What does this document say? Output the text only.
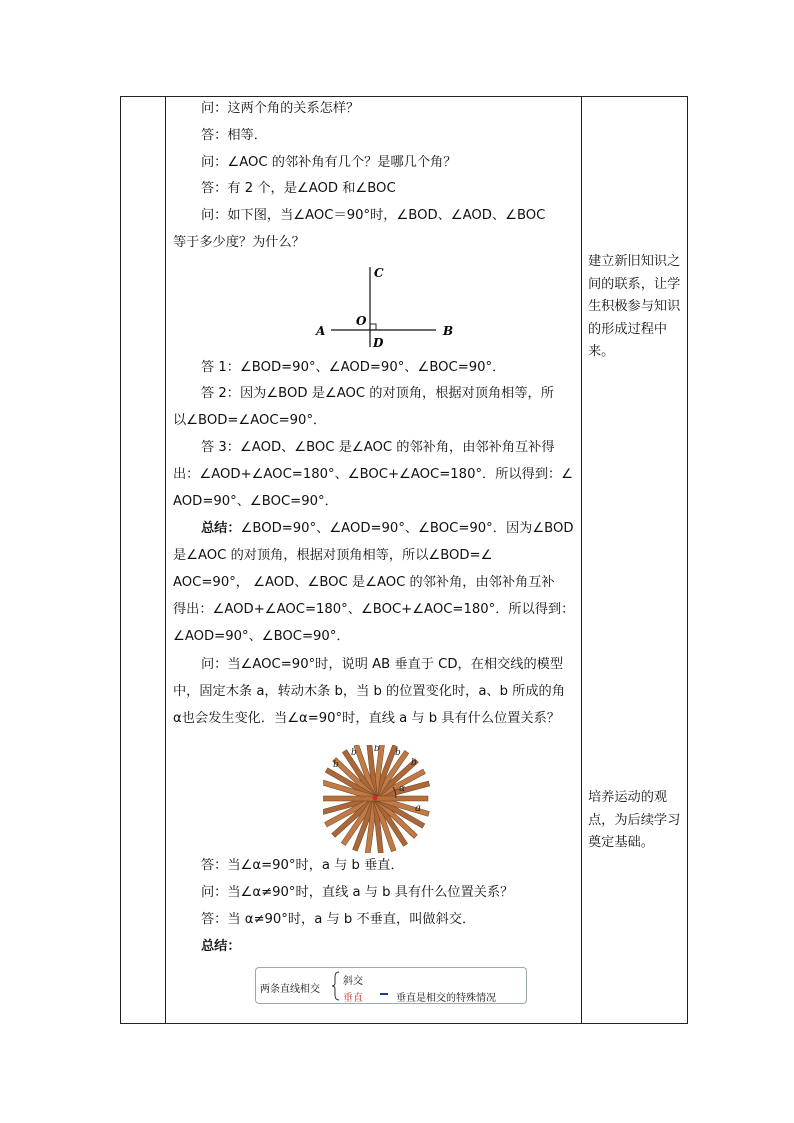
问：这两个角的关系怎样？
答：相等．
问：∠AOC 的邻补角有几个？是哪几个角？
答：有 2 个，是∠AOD 和∠BOC
问：如下图，当∠AOC＝90°时，∠BOD、∠AOD、∠BOC
等于多少度？为什么？
C
A	B
O
D
答 1：∠BOD=90°、∠AOD=90°、∠BOC=90°．
答 2：因为∠BOD 是∠AOC 的对顶角，根据对顶角相等，所
以∠BOD=∠AOC=90°．
答 3：∠AOD、∠BOC 是∠AOC 的邻补角，由邻补角互补得
出：∠AOD+∠AOC=180°、∠BOC+∠AOC=180°．所以得到：∠
AOD=90°、∠BOC=90°．
总结：∠BOD=90°、∠AOD=90°、∠BOC=90°．因为∠BOD
是∠AOC 的对顶角，根据对顶角相等，所以∠BOD=∠
AOC=90°， ∠AOD、∠BOC 是∠AOC 的邻补角，由邻补角互补
得出：∠AOD+∠AOC=180°、∠BOC+∠AOC=180°．所以得到：
∠AOD=90°、∠BOC=90°．
问：当∠AOC=90°时，说明 AB 垂直于 CD，在相交线的模型
中，固定木条 a，转动木条 b，当 b 的位置变化时，a、b 所成的角
α也会发生变化．当∠α=90°时，直线 a 与 b 具有什么位置关系？
α
a
b
b b b
b
答：当∠α=90°时，a 与 b 垂直．
问：当∠α≠90°时，直线 a 与 b 具有什么位置关系？
答：当 α≠90°时，a 与 b 不垂直，叫做斜交．
总结：
两条直线相交
斜交
垂直	垂直是相交的特殊情况
建立新旧知识之间的联系，让学生积极参与知识的形成过程中来。
培养运动的观点，为后续学习奠定基础。
